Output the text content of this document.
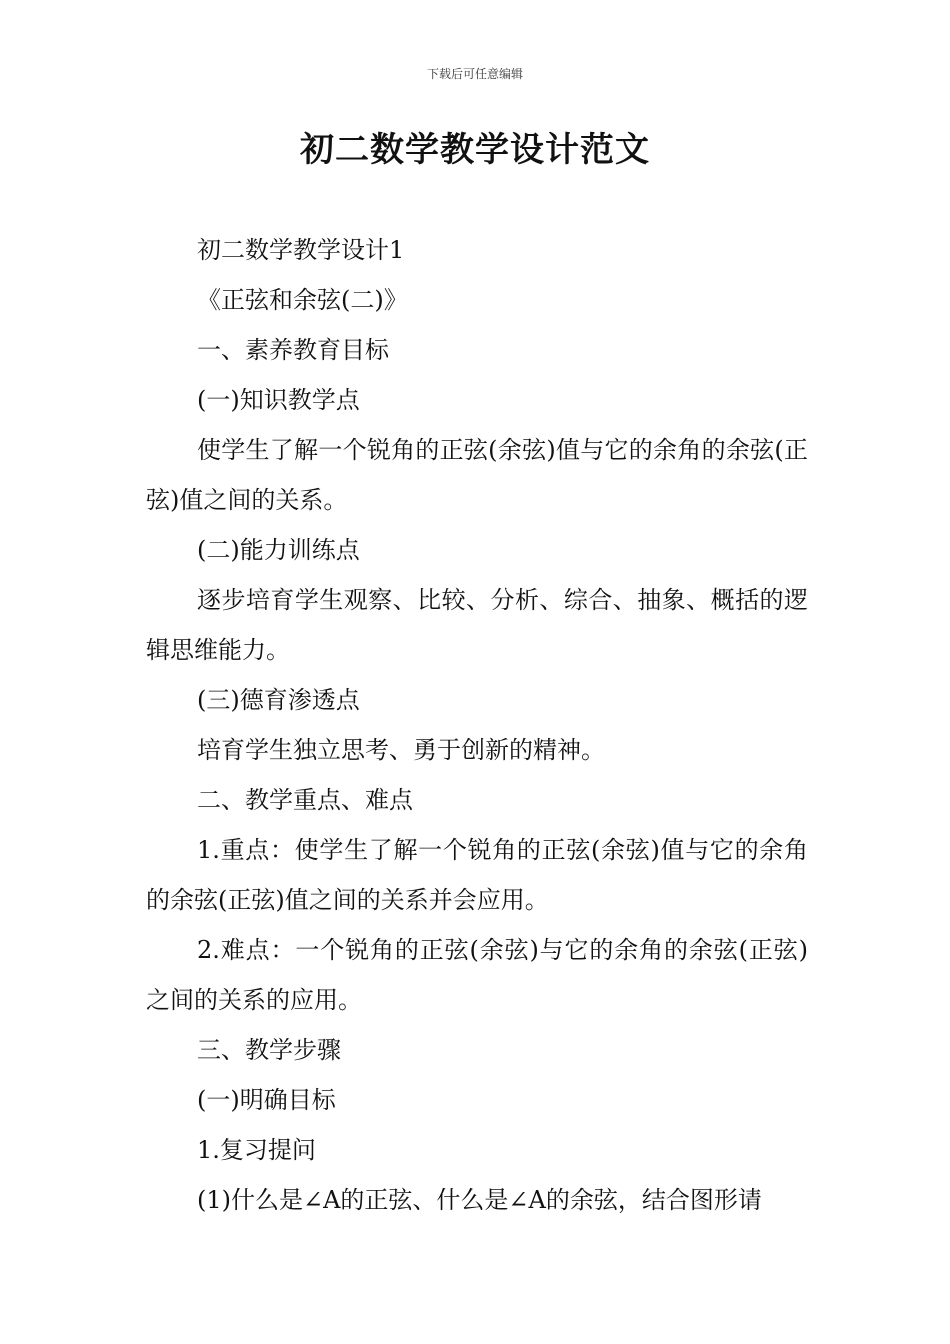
下载后可任意编辑
初二数学教学设计范文

初二数学教学设计1

《正弦和余弦(二)》

一、素养教育目标

(一)知识教学点

使学生了解一个锐角的正弦(余弦)值与它的余角的余弦(正弦)值之间的关系。

(二)能力训练点

逐步培育学生观察、比较、分析、综合、抽象、概括的逻辑思维能力。

(三)德育渗透点

培育学生独立思考、勇于创新的精神。

二、教学重点、难点

1.重点：使学生了解一个锐角的正弦(余弦)值与它的余角的余弦(正弦)值之间的关系并会应用。

2.难点：一个锐角的正弦(余弦)与它的余角的余弦(正弦)之间的关系的应用。

三、教学步骤

(一)明确目标

1.复习提问

(1)什么是∠A的正弦、什么是∠A的余弦，结合图形请
